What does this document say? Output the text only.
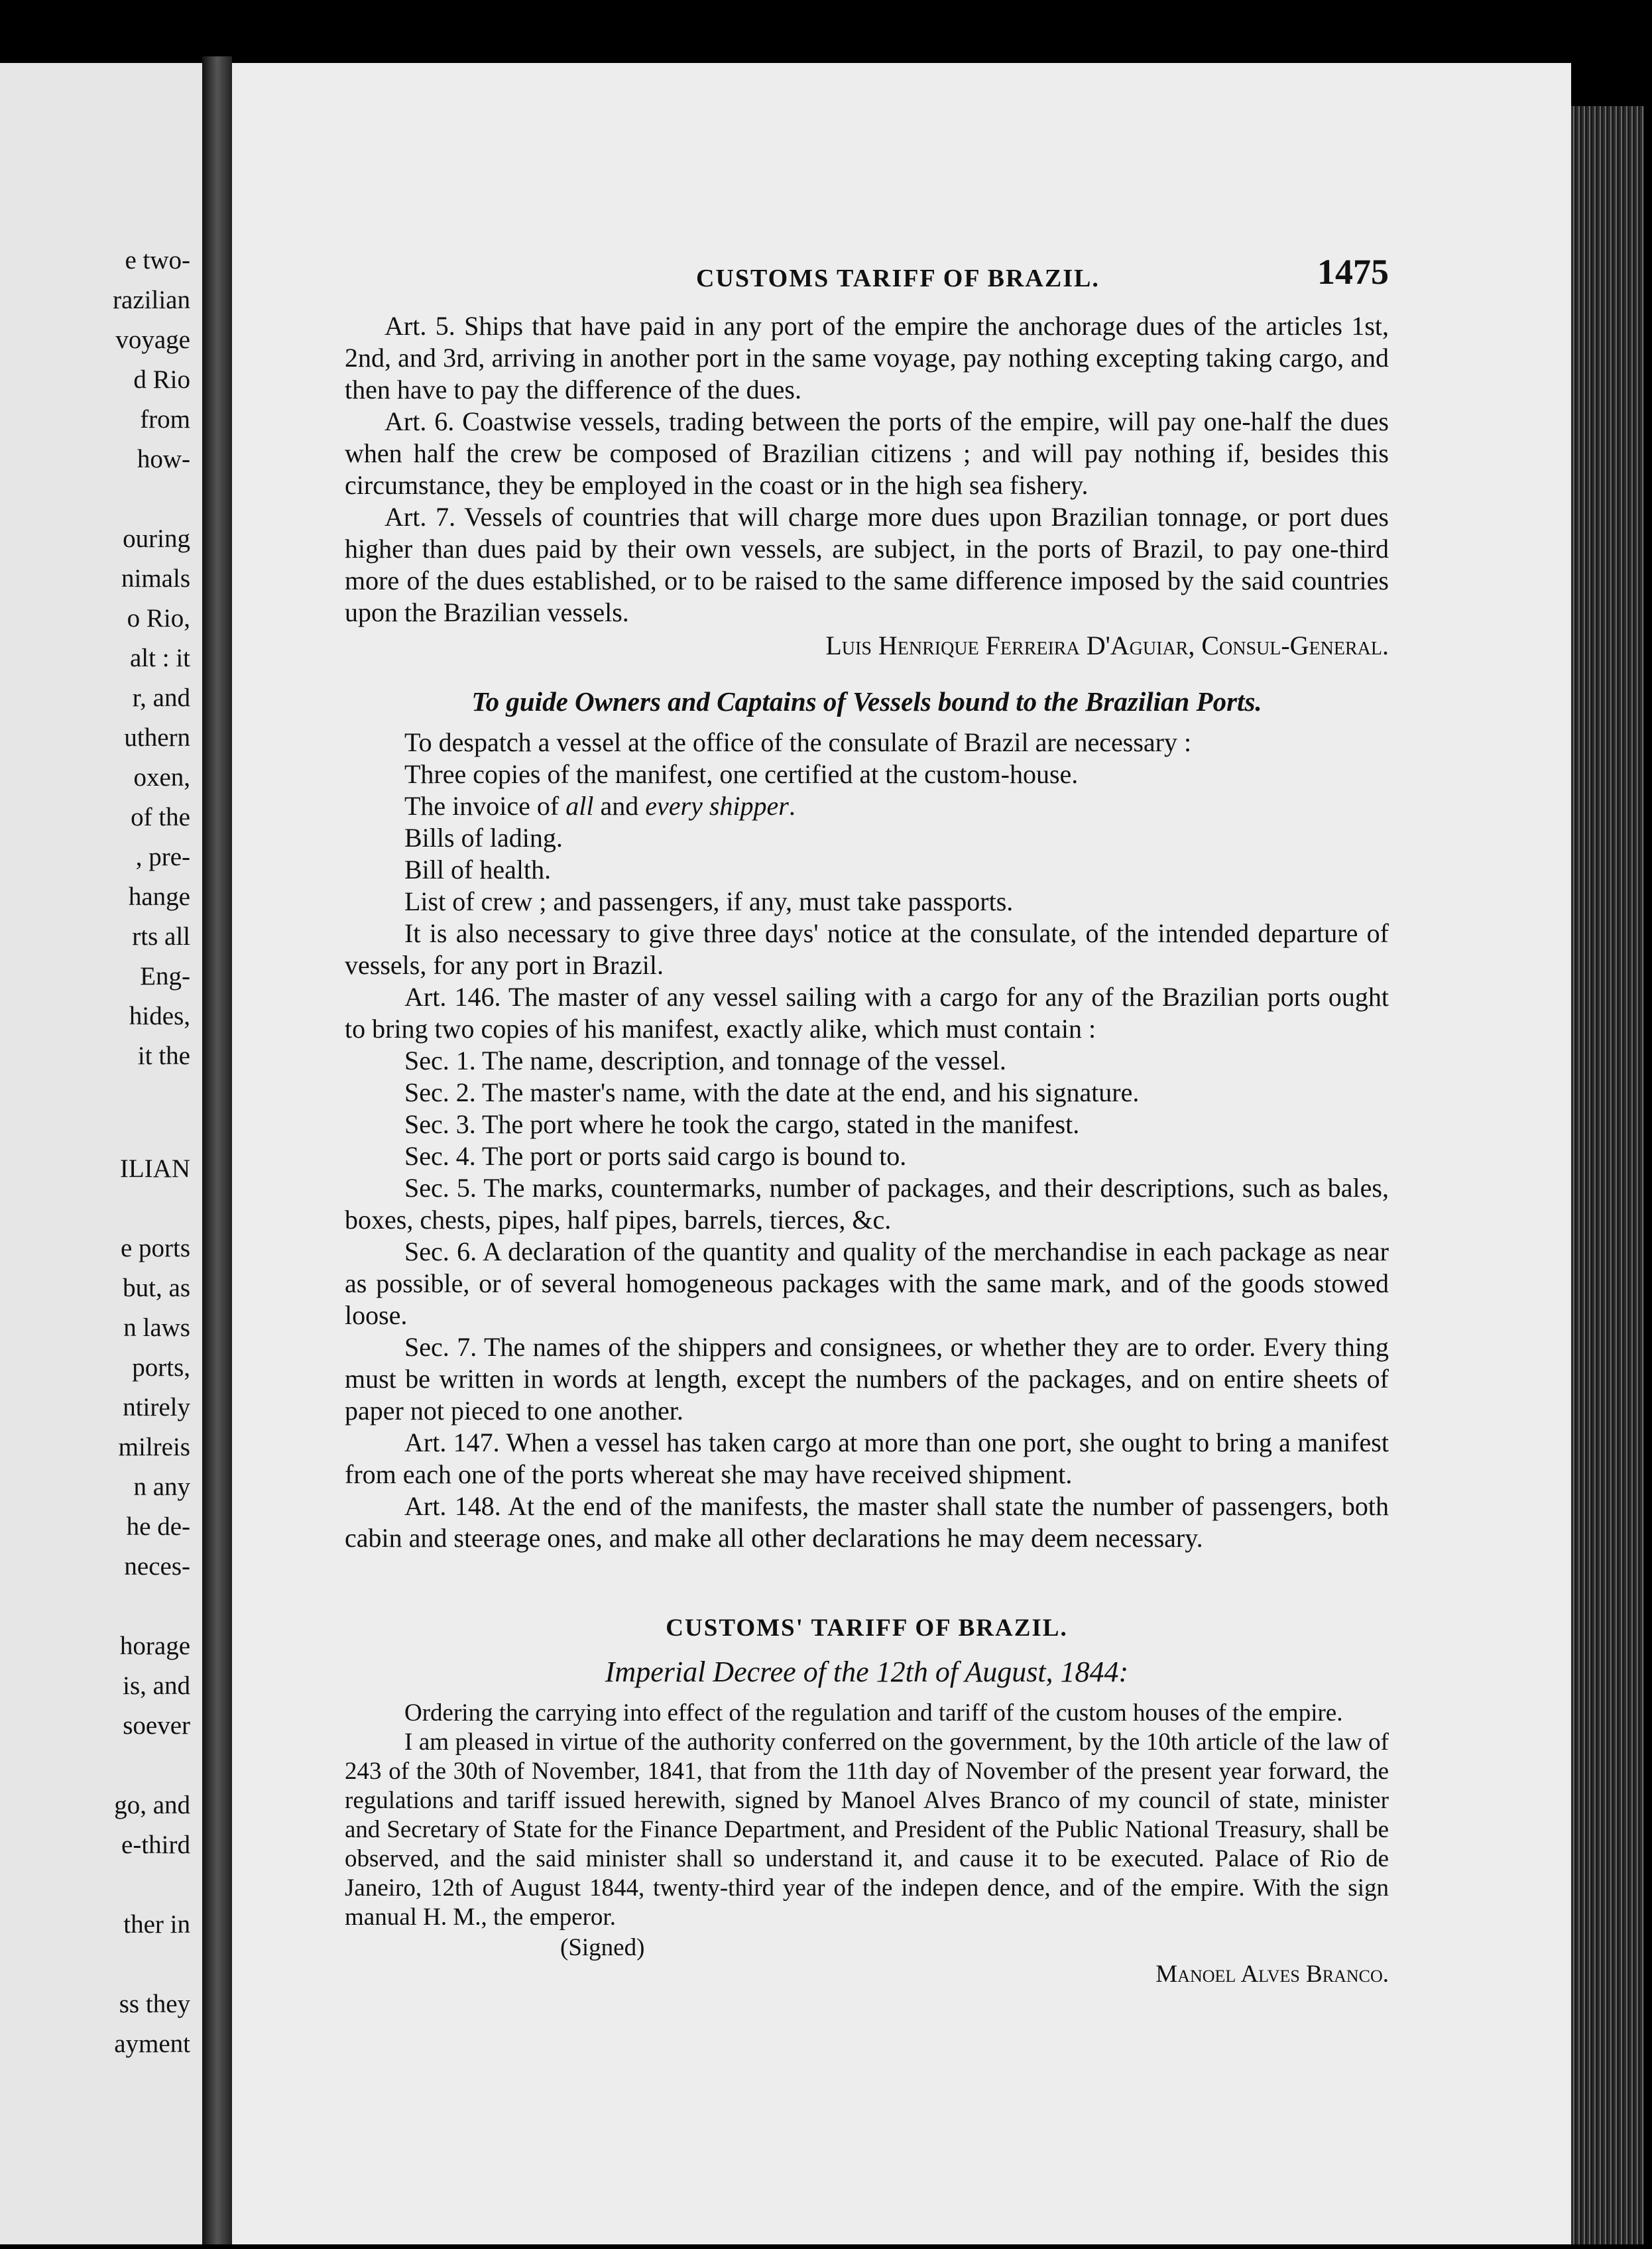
e two-
razilian
voyage
d Rio
from
how-
ouring
nimals
o Rio,
alt : it
r, and
uthern
oxen,
of the
, pre-
hange
rts all
Eng-
hides,
it the
ILIAN
e ports
but, as
n laws
ports,
ntirely
milreis
n any
he de-
neces-
horage
is, and
soever
go, and
e-third
ther in
ss they
ayment
CUSTOMS TARIFF OF BRAZIL.	1475

Art. 5. Ships that have paid in any port of the empire the anchorage dues of the articles 1st, 2nd, and 3rd, arriving in another port in the same voyage, pay nothing excepting taking cargo, and then have to pay the difference of the dues.

Art. 6. Coastwise vessels, trading between the ports of the empire, will pay one-half the dues when half the crew be composed of Brazilian citizens ; and will pay nothing if, besides this circumstance, they be employed in the coast or in the high sea fishery.

Art. 7. Vessels of countries that will charge more dues upon Brazilian tonnage, or port dues higher than dues paid by their own vessels, are subject, in the ports of Brazil, to pay one-third more of the dues established, or to be raised to the same difference imposed by the said countries upon the Brazilian vessels.

Luis Henrique Ferreira D'Aguiar, Consul-General.

To guide Owners and Captains of Vessels bound to the Brazilian Ports.

To despatch a vessel at the office of the consulate of Brazil are necessary :

Three copies of the manifest, one certified at the custom-house.

The invoice of all and every shipper.

Bills of lading.

Bill of health.

List of crew ; and passengers, if any, must take passports.

It is also necessary to give three days' notice at the consulate, of the intended departure of vessels, for any port in Brazil.

Art. 146. The master of any vessel sailing with a cargo for any of the Brazilian ports ought to bring two copies of his manifest, exactly alike, which must contain :

Sec. 1. The name, description, and tonnage of the vessel.

Sec. 2. The master's name, with the date at the end, and his signature.

Sec. 3. The port where he took the cargo, stated in the manifest.

Sec. 4. The port or ports said cargo is bound to.

Sec. 5. The marks, countermarks, number of packages, and their descriptions, such as bales, boxes, chests, pipes, half pipes, barrels, tierces, &c.

Sec. 6. A declaration of the quantity and quality of the merchandise in each package as near as possible, or of several homogeneous packages with the same mark, and of the goods stowed loose.

Sec. 7. The names of the shippers and consignees, or whether they are to order. Every thing must be written in words at length, except the numbers of the packages, and on entire sheets of paper not pieced to one another.

Art. 147. When a vessel has taken cargo at more than one port, she ought to bring a manifest from each one of the ports whereat she may have received shipment.

Art. 148. At the end of the manifests, the master shall state the number of passengers, both cabin and steerage ones, and make all other declarations he may deem necessary.

CUSTOMS' TARIFF OF BRAZIL.
Imperial Decree of the 12th of August, 1844:

Ordering the carrying into effect of the regulation and tariff of the custom houses of the empire.

I am pleased in virtue of the authority conferred on the government, by the 10th article of the law of 243 of the 30th of November, 1841, that from the 11th day of November of the present year forward, the regulations and tariff issued herewith, signed by Manoel Alves Branco of my council of state, minister and Secretary of State for the Finance Department, and President of the Public National Treasury, shall be observed, and the said minister shall so understand it, and cause it to be executed. Palace of Rio de Janeiro, 12th of August 1844, twenty-third year of the indepen dence, and of the empire. With the sign manual H. M., the emperor.

(Signed)
Manoel Alves Branco.
